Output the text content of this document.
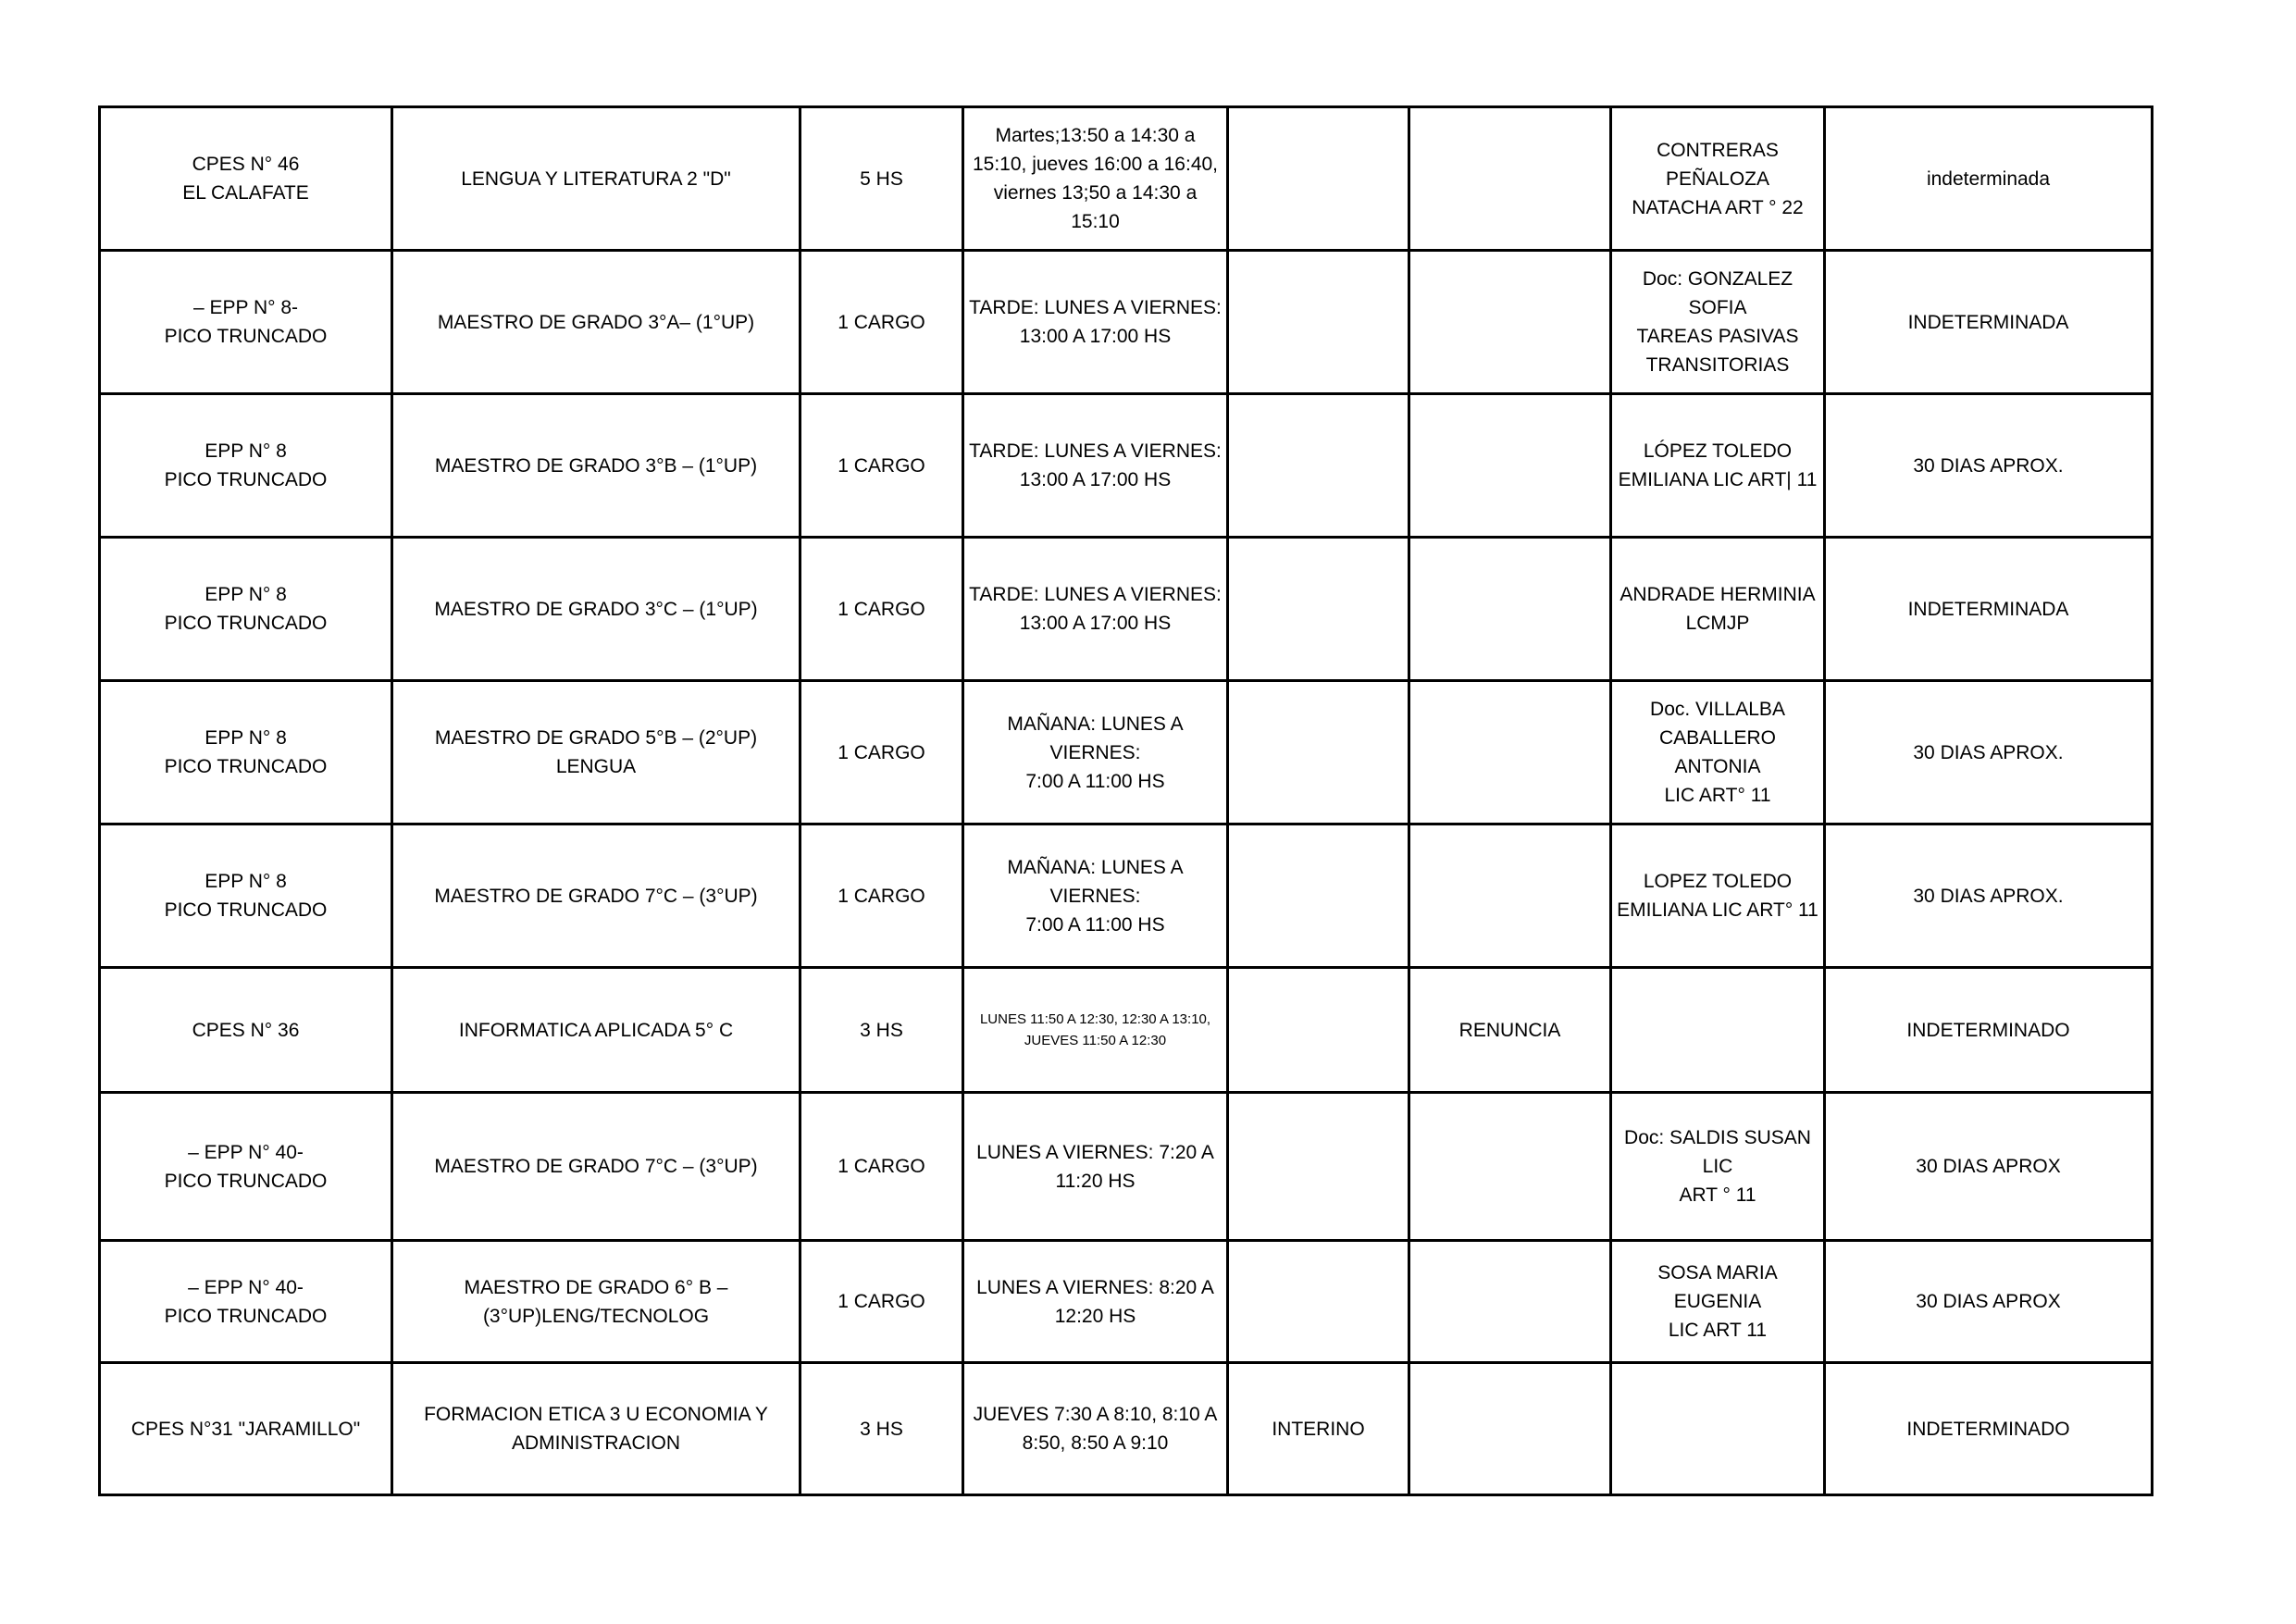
CPES N° 46
EL CALAFATE	LENGUA Y LITERATURA 2 "D"	5 HS	Martes;13:50 a 14:30 a
15:10, jueves 16:00 a 16:40,
viernes 13;50 a 14:30 a
15:10			CONTRERAS PEÑALOZA
NATACHA ART ° 22	indeterminada
– EPP N° 8-
PICO TRUNCADO	MAESTRO DE GRADO 3°A– (1°UP)	1 CARGO	TARDE: LUNES A VIERNES:
13:00 A 17:00 HS			Doc: GONZALEZ SOFIA
TAREAS PASIVAS
TRANSITORIAS	INDETERMINADA
EPP N° 8
PICO TRUNCADO	MAESTRO DE GRADO 3°B – (1°UP)	1 CARGO	TARDE: LUNES A VIERNES:
13:00 A 17:00 HS			LÓPEZ TOLEDO
EMILIANA LIC ART| 11	30 DIAS APROX.
EPP N° 8
PICO TRUNCADO	MAESTRO DE GRADO 3°C – (1°UP)	1 CARGO	TARDE: LUNES A VIERNES:
13:00 A 17:00 HS			ANDRADE HERMINIA
LCMJP	INDETERMINADA
EPP N° 8
PICO TRUNCADO	MAESTRO DE GRADO 5°B – (2°UP) LENGUA	1 CARGO	MAÑANA: LUNES A VIERNES:
7:00 A 11:00 HS			Doc. VILLALBA
CABALLERO ANTONIA
LIC ART° 11	30 DIAS APROX.
EPP N° 8
PICO TRUNCADO	MAESTRO DE GRADO 7°C – (3°UP)	1 CARGO	MAÑANA: LUNES A VIERNES:
7:00 A 11:00 HS			LOPEZ TOLEDO
EMILIANA LIC ART° 11	30 DIAS APROX.
CPES N° 36	INFORMATICA APLICADA 5° C	3 HS	LUNES 11:50 A 12:30, 12:30 A 13:10,
JUEVES 11:50 A 12:30		RENUNCIA		INDETERMINADO
– EPP N° 40-
PICO TRUNCADO	MAESTRO DE GRADO 7°C – (3°UP)	1 CARGO	LUNES A VIERNES: 7:20 A
11:20 HS			Doc: SALDIS SUSAN LIC
ART ° 11	30 DIAS APROX
– EPP N° 40-
PICO TRUNCADO	MAESTRO DE GRADO 6° B –
(3°UP)LENG/TECNOLOG	1 CARGO	LUNES A VIERNES: 8:20 A
12:20 HS			SOSA MARIA EUGENIA
LIC ART 11	30 DIAS APROX
CPES N°31 "JARAMILLO"	FORMACION ETICA 3 U ECONOMIA Y
ADMINISTRACION	3 HS	JUEVES 7:30 A 8:10, 8:10 A
8:50, 8:50 A 9:10	INTERINO			INDETERMINADO
